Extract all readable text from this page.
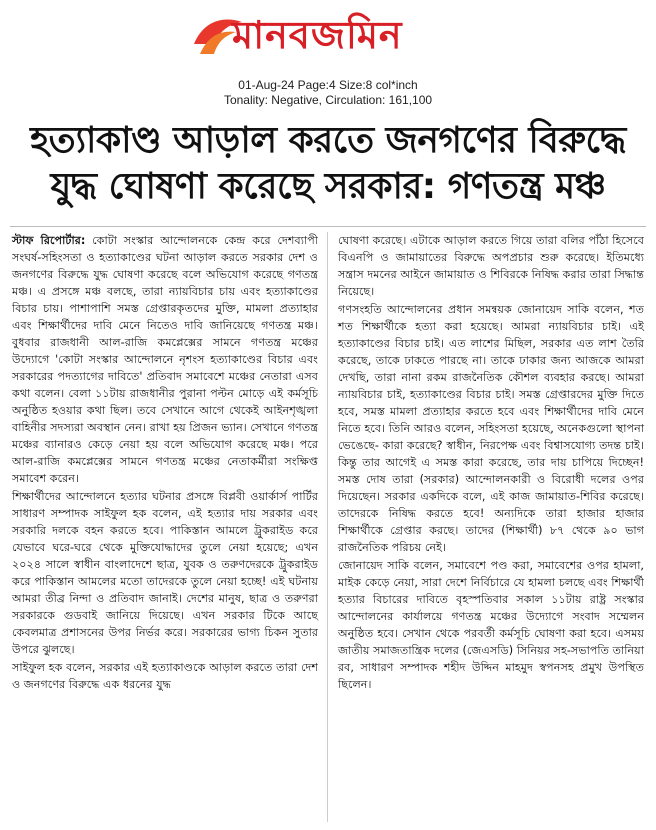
মানবজমিন
01-Aug-24 Page:4 Size:8 col*inch
Tonality: Negative, Circulation: 161,100
হত্যাকাণ্ড আড়াল করতে জনগণের বিরুদ্ধে
যুদ্ধ ঘোষণা করেছে সরকার: গণতন্ত্র মঞ্চ

স্টাফ রিপোর্টার: কোটা সংস্কার আন্দোলনকে কেন্দ্র করে দেশব্যাপী সংঘর্ষ-সহিংসতা ও হত্যাকাণ্ডের ঘটনা আড়াল করতে সরকার দেশ ও জনগণের বিরুদ্ধে যুদ্ধ ঘোষণা করেছে বলে অভিযোগ করেছে গণতন্ত্র মঞ্চ। এ প্রসঙ্গে মঞ্চ বলছে, তারা ন্যায়বিচার চায় এবং হত্যাকাণ্ডের বিচার চায়। পাশাপাশি সমস্ত গ্রেপ্তারকৃতদের মুক্তি, মামলা প্রত্যাহার এবং শিক্ষার্থীদের দাবি মেনে নিতেও দাবি জানিয়েছে গণতন্ত্র মঞ্চ। বুধবার রাজধানী আল-রাজি কমপ্লেক্সের সামনে গণতন্ত্র মঞ্চের উদ্যোগে 'কোটা সংস্কার আন্দোলনে নৃশংস হত্যাকাণ্ডের বিচার এবং সরকারের পদত্যাগের দাবিতে' প্রতিবাদ সমাবেশে মঞ্চের নেতারা এসব কথা বলেন। বেলা ১১টায় রাজধানীর পুরানা পল্টন মোড়ে এই কর্মসূচি অনুষ্ঠিত হওয়ার কথা ছিল। তবে সেখানে আগে থেকেই আইনশৃঙ্খলা বাহিনীর সদস্যরা অবস্থান নেন। রাখা হয় প্রিজন ভ্যান। সেখানে গণতন্ত্র মঞ্চের ব্যানারও কেড়ে নেয়া হয় বলে অভিযোগ করেছে মঞ্চ। পরে আল-রাজি কমপ্লেক্সের সামনে গণতন্ত্র মঞ্চের নেতাকর্মীরা সংক্ষিপ্ত সমাবেশ করেন।

শিক্ষার্থীদের আন্দোলনে হত্যার ঘটনার প্রসঙ্গে বিপ্লবী ওয়ার্কার্স পার্টির সাধারণ সম্পাদক সাইফুল হক বলেন, এই হত্যার দায় সরকার এবং সরকারি দলকে বহন করতে হবে। পাকিস্তান আমলে ট্রুকরাইড করে যেভাবে ঘরে-ঘরে থেকে মুক্তিযোদ্ধাদের তুলে নেয়া হয়েছে; এখন ২০২৪ সালে স্বাধীন বাংলাদেশে ছাত্র, যুবক ও তরুণদেরকে ট্রুকরাইড করে পাকিস্তান আমলের মতো তাদেরকে তুলে নেয়া হচ্ছে! এই ঘটনায় আমরা তীব্র নিন্দা ও প্রতিবাদ জানাই। দেশের মানুষ, ছাত্র ও তরুণরা সরকারকে গুডবাই জানিয়ে দিয়েছে। এখন সরকার টিকে আছে কেবলমাত্র প্রশাসনের উপর নির্ভর করে। সরকারের ভাগ্য চিকন সুতার উপরে ঝুলছে।

সাইফুল হক বলেন, সরকার এই হত্যাকাণ্ডকে আড়াল করতে তারা দেশ ও জনগণের বিরুদ্ধে এক ধরনের যুদ্ধ

ঘোষণা করেছে। এটাকে আড়াল করতে গিয়ে তারা বলির পাঁঠা হিসেবে বিএনপি ও জামায়াতের বিরুদ্ধে অপপ্রচার শুরু করেছে। ইতিমধ্যে সন্ত্রাস দমনের আইনে জামায়াত ও শিবিরকে নিষিদ্ধ করার তারা সিদ্ধান্ত নিয়েছে।

গণসংহতি আন্দোলনের প্রধান সমন্বয়ক জোনায়েদ সাকি বলেন, শত শত শিক্ষার্থীকে হত্যা করা হয়েছে। আমরা ন্যায়বিচার চাই। এই হত্যাকাণ্ডের বিচার চাই। এত লাশের মিছিল, সরকার এত লাশ তৈরি করেছে, তাকে ঢাকতে পারছে না। তাকে ঢাকার জন্য আজকে আমরা দেখছি, তারা নানা রকম রাজনৈতিক কৌশল ব্যবহার করছে। আমরা ন্যায়বিচার চাই, হত্যাকাণ্ডের বিচার চাই। সমস্ত গ্রেপ্তারদের মুক্তি দিতে হবে, সমস্ত মামলা প্রত্যাহার করতে হবে এবং শিক্ষার্থীদের দাবি মেনে নিতে হবে। তিনি আরও বলেন, সহিংসতা হয়েছে, অনেকগুলো স্থাপনা ভেঙেছে- কারা করেছে? স্বাধীন, নিরপেক্ষ এবং বিশ্বাসযোগ্য তদন্ত চাই। কিন্তু তার আগেই এ সমস্ত কারা করেছে, তার দায় চাপিয়ে দিচ্ছেন! সমস্ত দোষ তারা (সরকার) আন্দোলনকারী ও বিরোধী দলের ওপর দিয়েছেন। সরকার একদিকে বলে, এই কাজ জামায়াত-শিবির করেছে। তাদেরকে নিষিদ্ধ করতে হবে! অন্যদিকে তারা হাজার হাজার শিক্ষার্থীকে গ্রেপ্তার করছে। তাদের (শিক্ষার্থী) ৮৭ থেকে ৯০ ভাগ রাজনৈতিক পরিচয় নেই।

জোনায়েদ সাকি বলেন, সমাবেশে পণ্ড করা, সমাবেশের ওপর হামলা, মাইক কেড়ে নেয়া, সারা দেশে নির্বিচারে যে হামলা চলছে এবং শিক্ষার্থী হত্যার বিচারের দাবিতে বৃহস্পতিবার সকাল ১১টায় রাষ্ট্র সংস্কার আন্দোলনের কার্যালয়ে গণতন্ত্র মঞ্চের উদ্যোগে সংবাদ সম্মেলন অনুষ্ঠিত হবে। সেখান থেকে পরবর্তী কর্মসূচি ঘোষণা করা হবে। এসময় জাতীয় সমাজতান্ত্রিক দলের (জেএসডি) সিনিয়র সহ-সভাপতি তানিয়া রব, সাধারণ সম্পাদক শহীদ উদ্দিন মাহমুদ স্বপনসহ প্রমুখ উপস্থিত ছিলেন।
